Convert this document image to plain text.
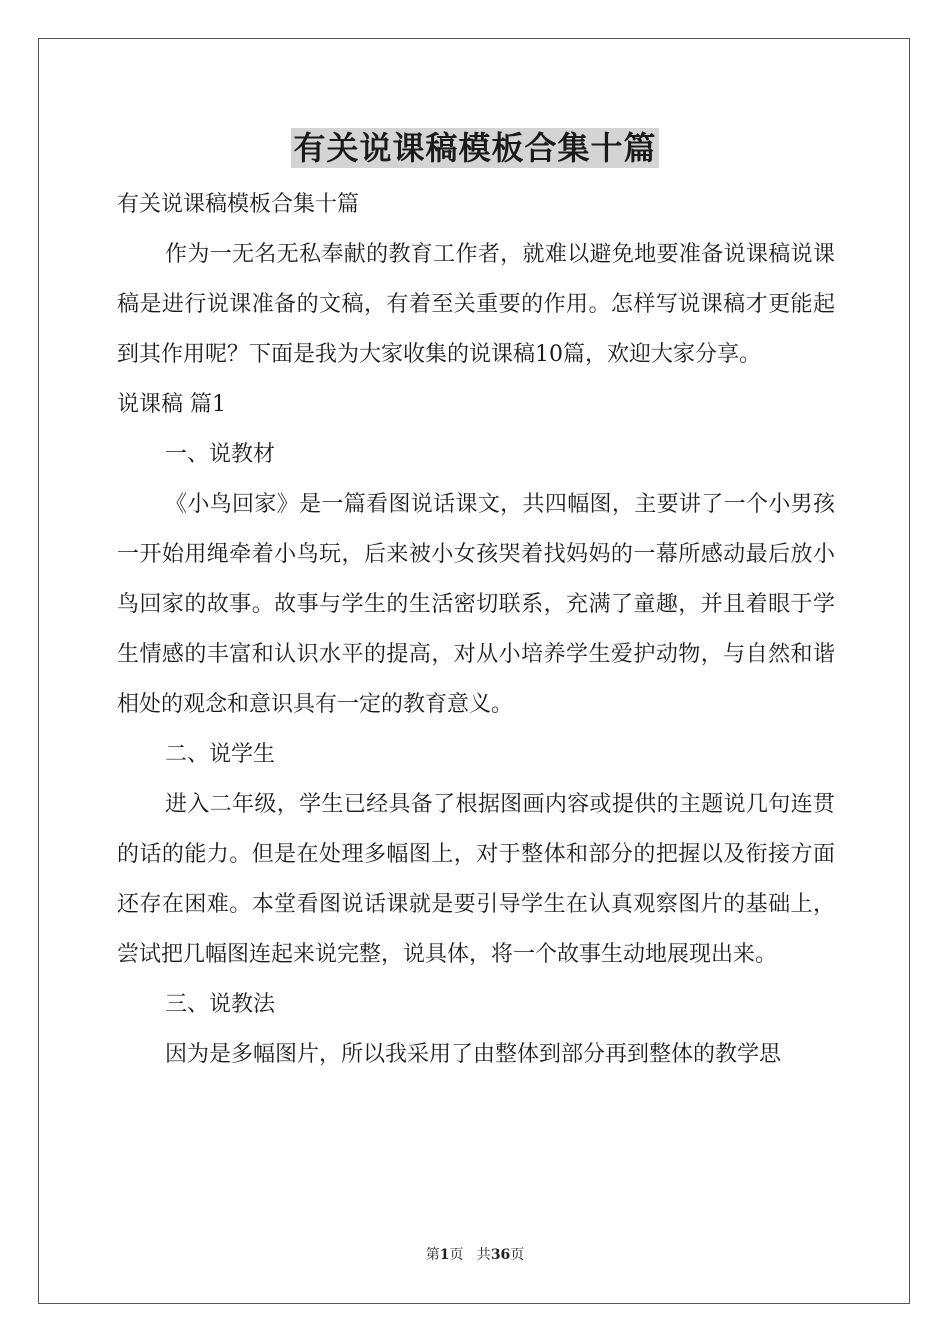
有关说课稿模板合集十篇

有关说课稿模板合集十篇

作为一无名无私奉献的教育工作者，就难以避免地要准备说课稿说课稿是进行说课准备的文稿，有着至关重要的作用。怎样写说课稿才更能起到其作用呢？下面是我为大家收集的说课稿10篇，欢迎大家分享。

说课稿 篇1

一、说教材

《小鸟回家》是一篇看图说话课文，共四幅图，主要讲了一个小男孩一开始用绳牵着小鸟玩，后来被小女孩哭着找妈妈的一幕所感动最后放小鸟回家的故事。故事与学生的生活密切联系，充满了童趣，并且着眼于学生情感的丰富和认识水平的提高，对从小培养学生爱护动物，与自然和谐相处的观念和意识具有一定的教育意义。

二、说学生

进入二年级，学生已经具备了根据图画内容或提供的主题说几句连贯的话的能力。但是在处理多幅图上，对于整体和部分的把握以及衔接方面还存在困难。本堂看图说话课就是要引导学生在认真观察图片的基础上，尝试把几幅图连起来说完整，说具体，将一个故事生动地展现出来。

三、说教法

因为是多幅图片，所以我采用了由整体到部分再到整体的教学思

第1页   共36页
